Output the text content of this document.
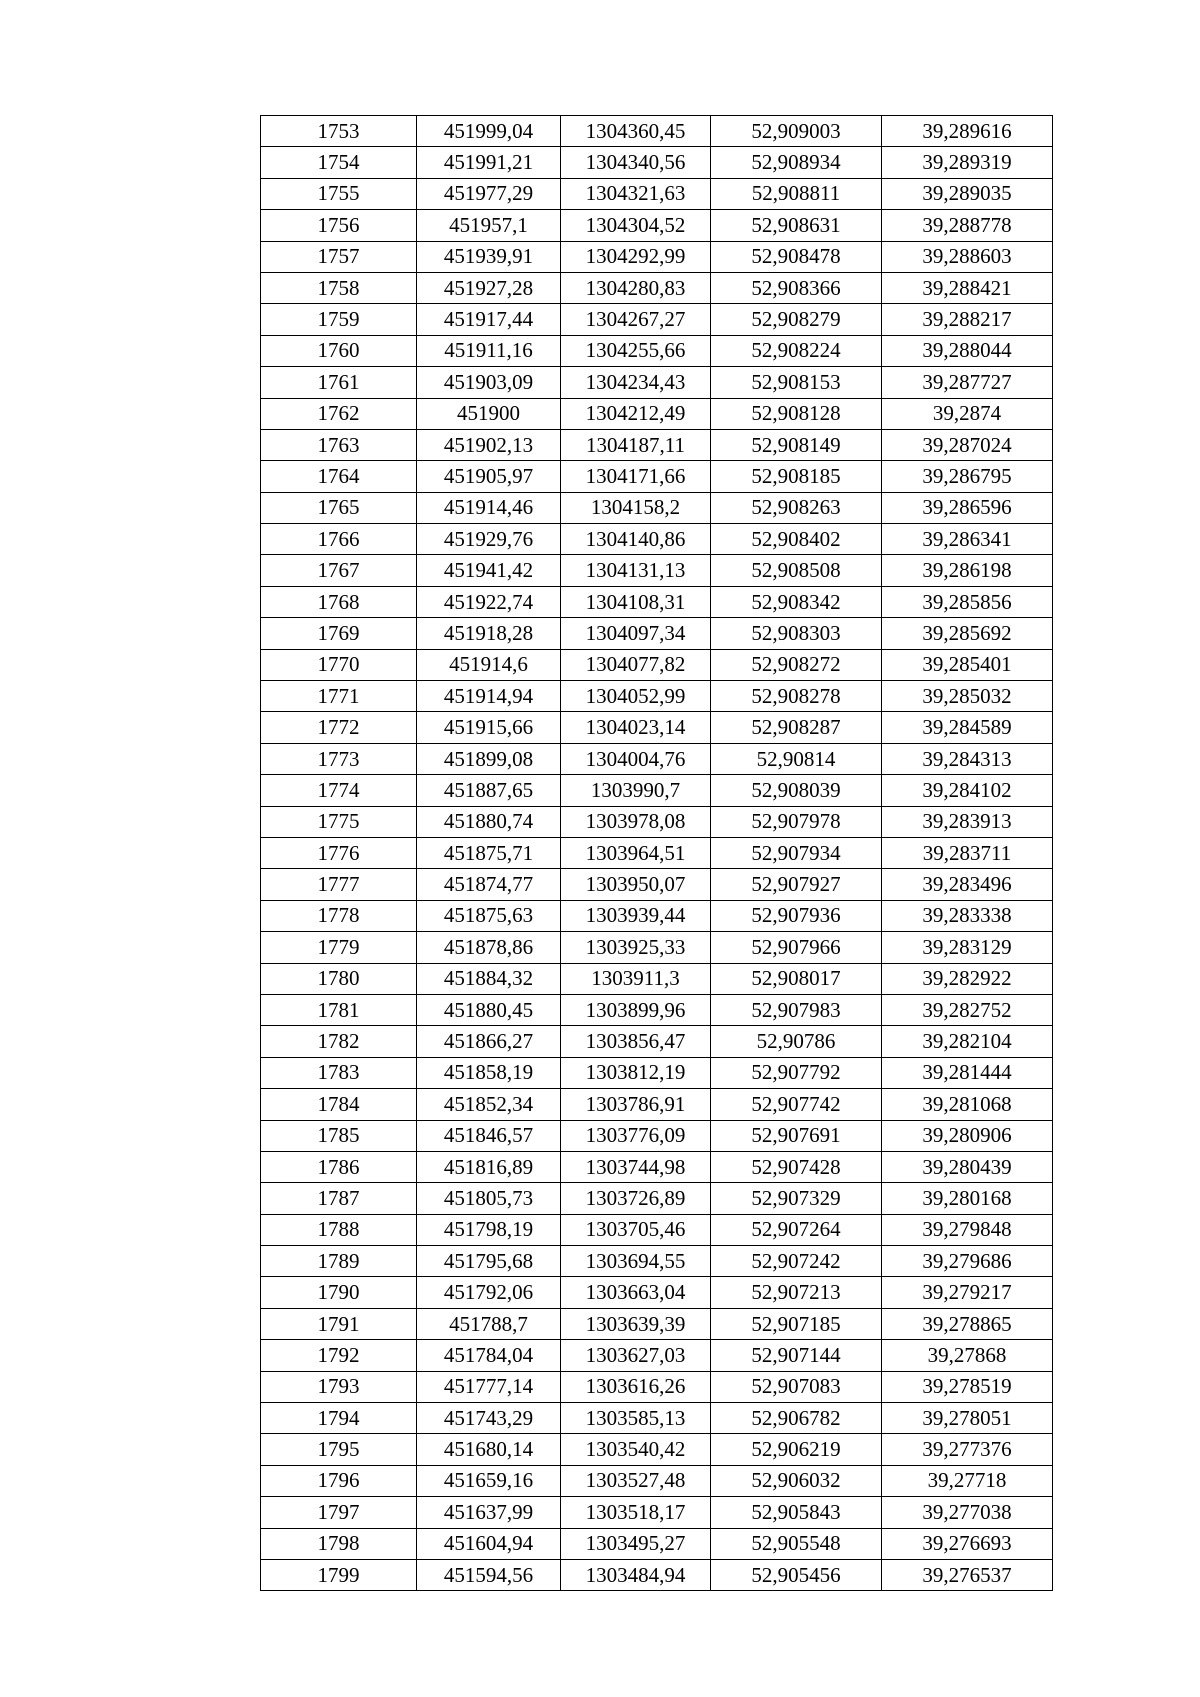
1753	451999,04	1304360,45	52,909003	39,289616
1754	451991,21	1304340,56	52,908934	39,289319
1755	451977,29	1304321,63	52,908811	39,289035
1756	451957,1	1304304,52	52,908631	39,288778
1757	451939,91	1304292,99	52,908478	39,288603
1758	451927,28	1304280,83	52,908366	39,288421
1759	451917,44	1304267,27	52,908279	39,288217
1760	451911,16	1304255,66	52,908224	39,288044
1761	451903,09	1304234,43	52,908153	39,287727
1762	451900	1304212,49	52,908128	39,2874
1763	451902,13	1304187,11	52,908149	39,287024
1764	451905,97	1304171,66	52,908185	39,286795
1765	451914,46	1304158,2	52,908263	39,286596
1766	451929,76	1304140,86	52,908402	39,286341
1767	451941,42	1304131,13	52,908508	39,286198
1768	451922,74	1304108,31	52,908342	39,285856
1769	451918,28	1304097,34	52,908303	39,285692
1770	451914,6	1304077,82	52,908272	39,285401
1771	451914,94	1304052,99	52,908278	39,285032
1772	451915,66	1304023,14	52,908287	39,284589
1773	451899,08	1304004,76	52,90814	39,284313
1774	451887,65	1303990,7	52,908039	39,284102
1775	451880,74	1303978,08	52,907978	39,283913
1776	451875,71	1303964,51	52,907934	39,283711
1777	451874,77	1303950,07	52,907927	39,283496
1778	451875,63	1303939,44	52,907936	39,283338
1779	451878,86	1303925,33	52,907966	39,283129
1780	451884,32	1303911,3	52,908017	39,282922
1781	451880,45	1303899,96	52,907983	39,282752
1782	451866,27	1303856,47	52,90786	39,282104
1783	451858,19	1303812,19	52,907792	39,281444
1784	451852,34	1303786,91	52,907742	39,281068
1785	451846,57	1303776,09	52,907691	39,280906
1786	451816,89	1303744,98	52,907428	39,280439
1787	451805,73	1303726,89	52,907329	39,280168
1788	451798,19	1303705,46	52,907264	39,279848
1789	451795,68	1303694,55	52,907242	39,279686
1790	451792,06	1303663,04	52,907213	39,279217
1791	451788,7	1303639,39	52,907185	39,278865
1792	451784,04	1303627,03	52,907144	39,27868
1793	451777,14	1303616,26	52,907083	39,278519
1794	451743,29	1303585,13	52,906782	39,278051
1795	451680,14	1303540,42	52,906219	39,277376
1796	451659,16	1303527,48	52,906032	39,27718
1797	451637,99	1303518,17	52,905843	39,277038
1798	451604,94	1303495,27	52,905548	39,276693
1799	451594,56	1303484,94	52,905456	39,276537
